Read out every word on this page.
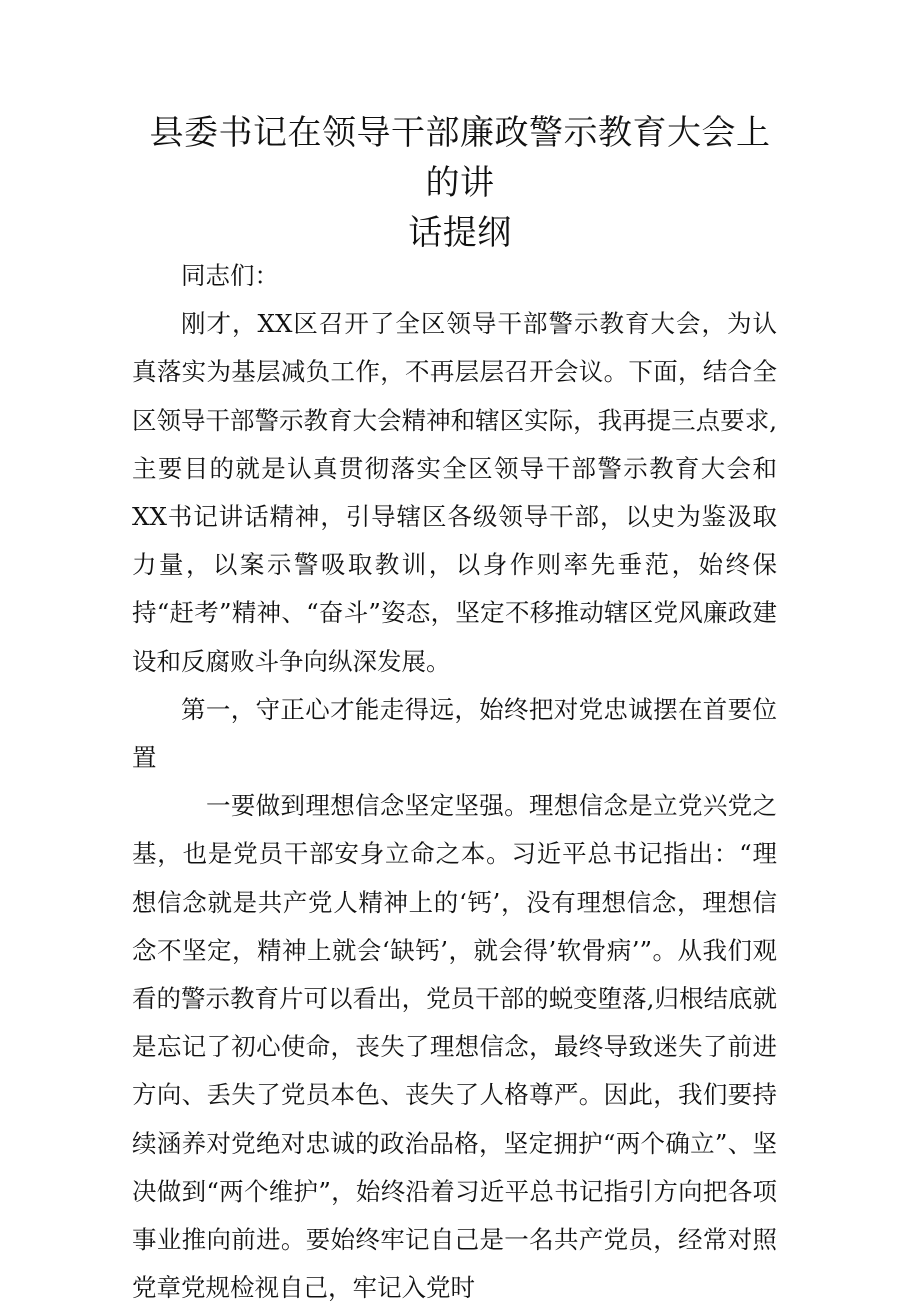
县委书记在领导干部廉政警示教育大会上的讲
话提纲

同志们：

刚才，XX区召开了全区领导干部警示教育大会，为认真落实为基层减负工作，不再层层召开会议。下面，结合全区领导干部警示教育大会精神和辖区实际，我再提三点要求,主要目的就是认真贯彻落实全区领导干部警示教育大会和XX书记讲话精神，引导辖区各级领导干部，以史为鉴汲取力量，以案示警吸取教训，以身作则率先垂范，始终保持“赶考”精神、“奋斗”姿态，坚定不移推动辖区党风廉政建设和反腐败斗争向纵深发展。

第一，守正心才能走得远，始终把对党忠诚摆在首要位置

一要做到理想信念坚定坚强。理想信念是立党兴党之基，也是党员干部安身立命之本。习近平总书记指出：“理想信念就是共产党人精神上的‘钙’，没有理想信念，理想信念不坚定，精神上就会‘缺钙’，就会得’软骨病’”。从我们观看的警示教育片可以看出，党员干部的蜕变堕落,归根结底就是忘记了初心使命，丧失了理想信念，最终导致迷失了前进方向、丢失了党员本色、丧失了人格尊严。因此，我们要持续涵养对党绝对忠诚的政治品格，坚定拥护“两个确立”、坚决做到“两个维护”，始终沿着习近平总书记指引方向把各项事业推向前进。要始终牢记自己是一名共产党员，经常对照党章党规检视自己，牢记入党时
